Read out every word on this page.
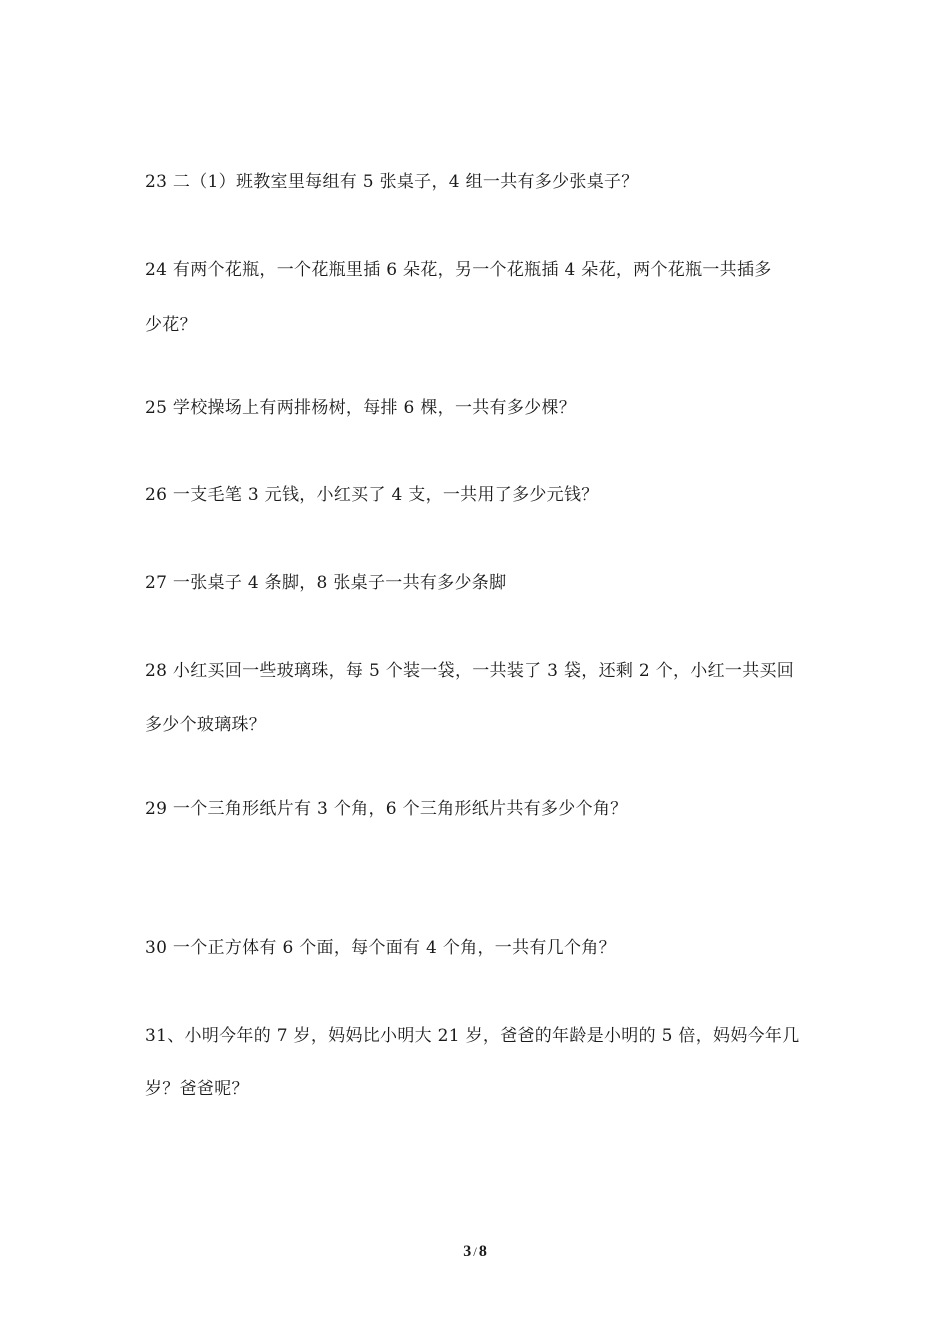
23 二（1）班教室里每组有 5 张桌子，4 组一共有多少张桌子？
24 有两个花瓶，一个花瓶里插 6 朵花，另一个花瓶插 4 朵花，两个花瓶一共插多
少花？
25 学校操场上有两排杨树，每排 6 棵，一共有多少棵？
26 一支毛笔 3 元钱，小红买了 4 支，一共用了多少元钱？
27 一张桌子 4 条脚，8 张桌子一共有多少条脚
28 小红买回一些玻璃珠，每 5 个装一袋，一共装了 3 袋，还剩 2 个，小红一共买回
多少个玻璃珠？
29 一个三角形纸片有 3 个角，6 个三角形纸片共有多少个角？
30 一个正方体有 6 个面，每个面有 4 个角，一共有几个角？
31、小明今年的 7 岁，妈妈比小明大 21 岁，爸爸的年龄是小明的 5 倍，妈妈今年几
岁？爸爸呢？
3 / 8
